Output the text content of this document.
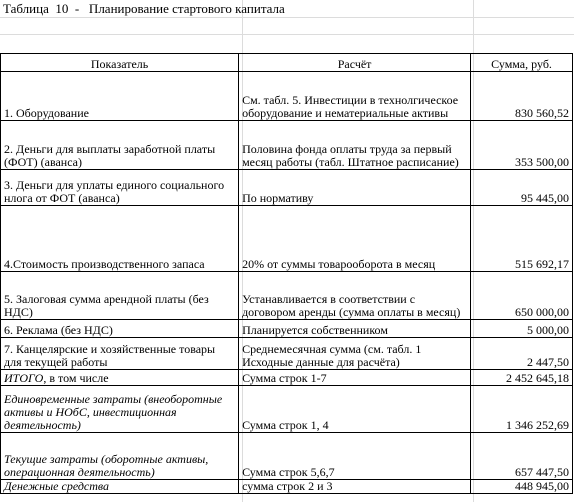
Таблица  10  -   Планирование стартового капитала
Показатель	Расчёт	Сумма, руб.
1. Оборудование	См. табл. 5. Инвестиции в технолгическое оборудование и нематериальные активы	830 560,52
2. Деньги для выплаты заработной платы (ФОТ) (аванса)	Половина фонда оплаты труда за первый месяц работы (табл. Штатное расписание)	353 500,00
3. Деньги для уплаты единого социального нлога от ФОТ (аванса)	По нормативу	95 445,00
4.Стоимость производственного запаса	20% от суммы товарооборота в месяц	515 692,17
5. Залоговая сумма арендной платы (без НДС)	Устанавливается в соответствии с договором аренды (сумма оплаты в месяц)	650 000,00
6. Реклама (без НДС)	Планируется собственником	5 000,00
7. Канцелярские и хозяйственные товары для текущей работы	Среднемесячная сумма (см. табл. 1 Исходные данные для расчёта)	2 447,50
ИТОГО, в том числе	Сумма строк 1-7	2 452 645,18
Единовременные затраты (внеоборотные активы и НОбС, инвестиционная деятельность)	Сумма строк 1, 4	1 346 252,69
Текущие затраты (оборотные активы, операционная деятельность)	Сумма строк 5,6,7	657 447,50
Денежные средства	сумма строк 2 и 3	448 945,00
